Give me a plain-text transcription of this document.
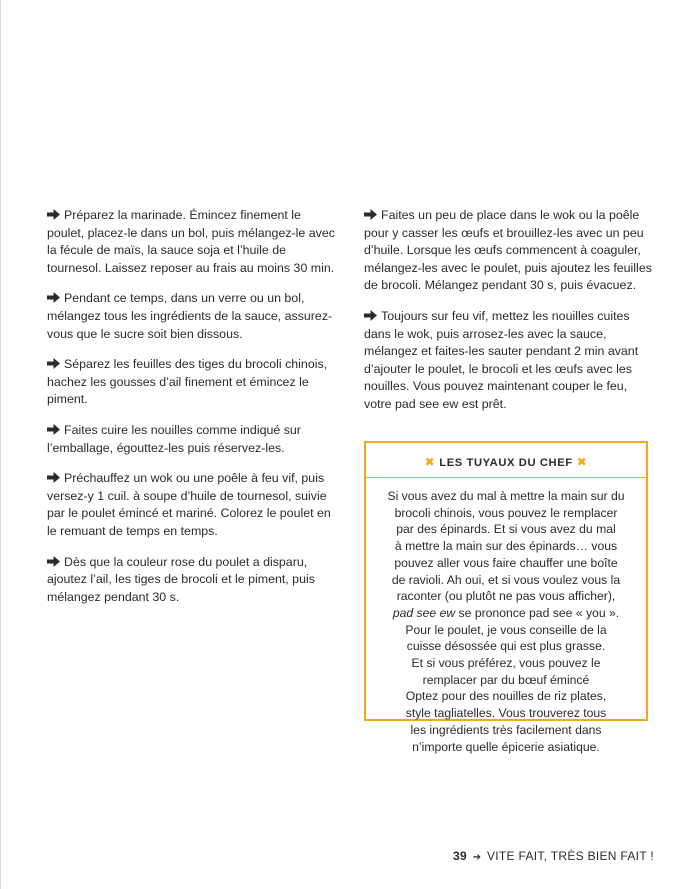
Préparez la marinade. Émincez finement le poulet, placez-le dans un bol, puis mélangez-le avec la fécule de maïs, la sauce soja et l’huile de tournesol. Laissez reposer au frais au moins 30 min.

Pendant ce temps, dans un verre ou un bol, mélangez tous les ingrédients de la sauce, assurez-vous que le sucre soit bien dissous.

Séparez les feuilles des tiges du brocoli chinois, hachez les gousses d’ail finement et émincez le piment.

Faites cuire les nouilles comme indiqué sur l’emballage, égouttez-les puis réservez-les.

Préchauffez un wok ou une poêle à feu vif, puis versez-y 1 cuil. à soupe d’huile de tournesol, suivie par le poulet émincé et mariné. Colorez le poulet en le remuant de temps en temps.

Dès que la couleur rose du poulet a disparu, ajoutez l’ail, les tiges de brocoli et le piment, puis mélangez pendant 30 s.

Faites un peu de place dans le wok ou la poêle pour y casser les œufs et brouillez-les avec un peu d’huile. Lorsque les œufs commencent à coaguler, mélangez-les avec le poulet, puis ajoutez les feuilles de brocoli. Mélangez pendant 30 s, puis évacuez.

Toujours sur feu vif, mettez les nouilles cuites dans le wok, puis arrosez-les avec la sauce, mélangez et faites-les sauter pendant 2 min avant d’ajouter le poulet, le brocoli et les œufs avec les nouilles. Vous pouvez maintenant couper le feu, votre pad see ew est prêt.

✖ LES TUYAUX DU CHEF ✖

Si vous avez du mal à mettre la main sur du

brocoli chinois, vous pouvez le remplacer

par des épinards. Et si vous avez du mal

à mettre la main sur des épinards… vous

pouvez aller vous faire chauffer une boîte

de ravioli. Ah oui, et si vous voulez vous la

raconter (ou plutôt ne pas vous afficher),

pad see ew se prononce pad see « you ».

Pour le poulet, je vous conseille de la

cuisse désossée qui est plus grasse.

Et si vous préférez, vous pouvez le

remplacer par du bœuf émincé

Optez pour des nouilles de riz plates,

style tagliatelles. Vous trouverez tous

les ingrédients très facilement dans

n’importe quelle épicerie asiatique.

39 ➔ VITE FAIT, TRÈS BIEN FAIT !
